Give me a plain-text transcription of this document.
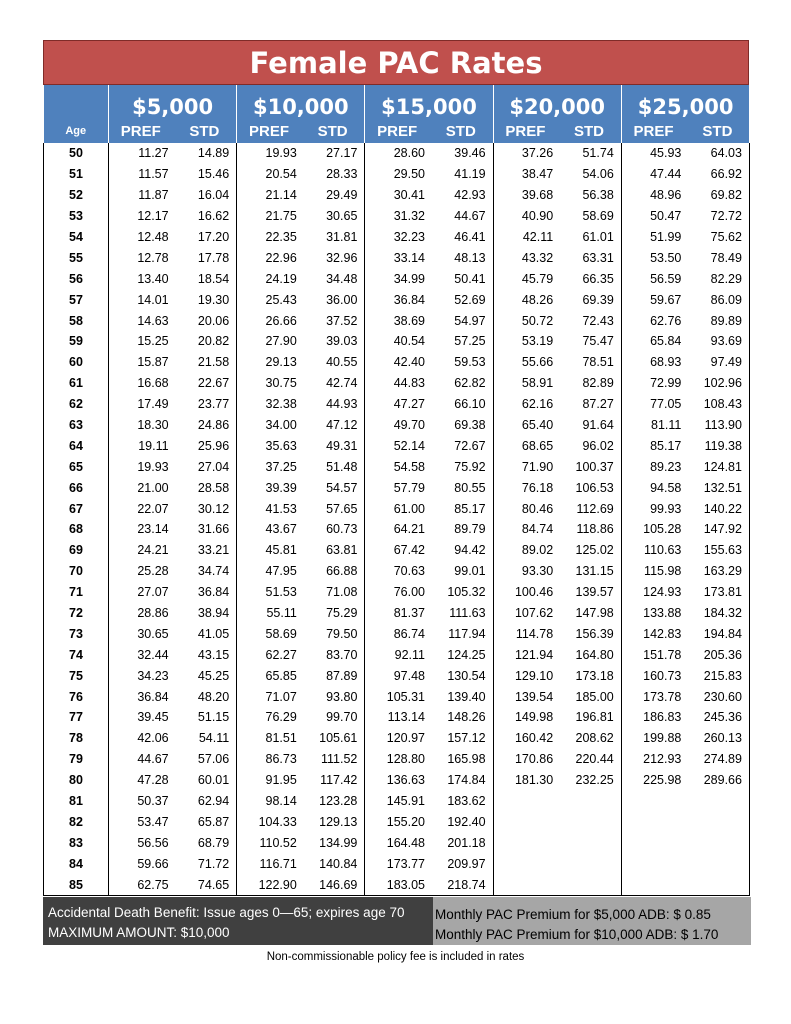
Female PAC Rates
	$5,000		$10,000		$15,000		$20,000		$25,000	
Age	PREF	STD	PREF	STD	PREF	STD	PREF	STD	PREF	STD
50	11.27	14.89	19.93	27.17	28.60	39.46	37.26	51.74	45.93	64.03
51	11.57	15.46	20.54	28.33	29.50	41.19	38.47	54.06	47.44	66.92
52	11.87	16.04	21.14	29.49	30.41	42.93	39.68	56.38	48.96	69.82
53	12.17	16.62	21.75	30.65	31.32	44.67	40.90	58.69	50.47	72.72
54	12.48	17.20	22.35	31.81	32.23	46.41	42.11	61.01	51.99	75.62
55	12.78	17.78	22.96	32.96	33.14	48.13	43.32	63.31	53.50	78.49
56	13.40	18.54	24.19	34.48	34.99	50.41	45.79	66.35	56.59	82.29
57	14.01	19.30	25.43	36.00	36.84	52.69	48.26	69.39	59.67	86.09
58	14.63	20.06	26.66	37.52	38.69	54.97	50.72	72.43	62.76	89.89
59	15.25	20.82	27.90	39.03	40.54	57.25	53.19	75.47	65.84	93.69
60	15.87	21.58	29.13	40.55	42.40	59.53	55.66	78.51	68.93	97.49
61	16.68	22.67	30.75	42.74	44.83	62.82	58.91	82.89	72.99	102.96
62	17.49	23.77	32.38	44.93	47.27	66.10	62.16	87.27	77.05	108.43
63	18.30	24.86	34.00	47.12	49.70	69.38	65.40	91.64	81.11	113.90
64	19.11	25.96	35.63	49.31	52.14	72.67	68.65	96.02	85.17	119.38
65	19.93	27.04	37.25	51.48	54.58	75.92	71.90	100.37	89.23	124.81
66	21.00	28.58	39.39	54.57	57.79	80.55	76.18	106.53	94.58	132.51
67	22.07	30.12	41.53	57.65	61.00	85.17	80.46	112.69	99.93	140.22
68	23.14	31.66	43.67	60.73	64.21	89.79	84.74	118.86	105.28	147.92
69	24.21	33.21	45.81	63.81	67.42	94.42	89.02	125.02	110.63	155.63
70	25.28	34.74	47.95	66.88	70.63	99.01	93.30	131.15	115.98	163.29
71	27.07	36.84	51.53	71.08	76.00	105.32	100.46	139.57	124.93	173.81
72	28.86	38.94	55.11	75.29	81.37	111.63	107.62	147.98	133.88	184.32
73	30.65	41.05	58.69	79.50	86.74	117.94	114.78	156.39	142.83	194.84
74	32.44	43.15	62.27	83.70	92.11	124.25	121.94	164.80	151.78	205.36
75	34.23	45.25	65.85	87.89	97.48	130.54	129.10	173.18	160.73	215.83
76	36.84	48.20	71.07	93.80	105.31	139.40	139.54	185.00	173.78	230.60
77	39.45	51.15	76.29	99.70	113.14	148.26	149.98	196.81	186.83	245.36
78	42.06	54.11	81.51	105.61	120.97	157.12	160.42	208.62	199.88	260.13
79	44.67	57.06	86.73	111.52	128.80	165.98	170.86	220.44	212.93	274.89
80	47.28	60.01	91.95	117.42	136.63	174.84	181.30	232.25	225.98	289.66
81	50.37	62.94	98.14	123.28	145.91	183.62				
82	53.47	65.87	104.33	129.13	155.20	192.40				
83	56.56	68.79	110.52	134.99	164.48	201.18				
84	59.66	71.72	116.71	140.84	173.77	209.97				
85	62.75	74.65	122.90	146.69	183.05	218.74				
Accidental Death Benefit: Issue ages 0—65; expires age 70
MAXIMUM AMOUNT: $10,000
Monthly PAC Premium for $5,000 ADB: $ 0.85
Monthly PAC Premium for $10,000 ADB: $ 1.70
Non-commissionable policy fee is included in rates
